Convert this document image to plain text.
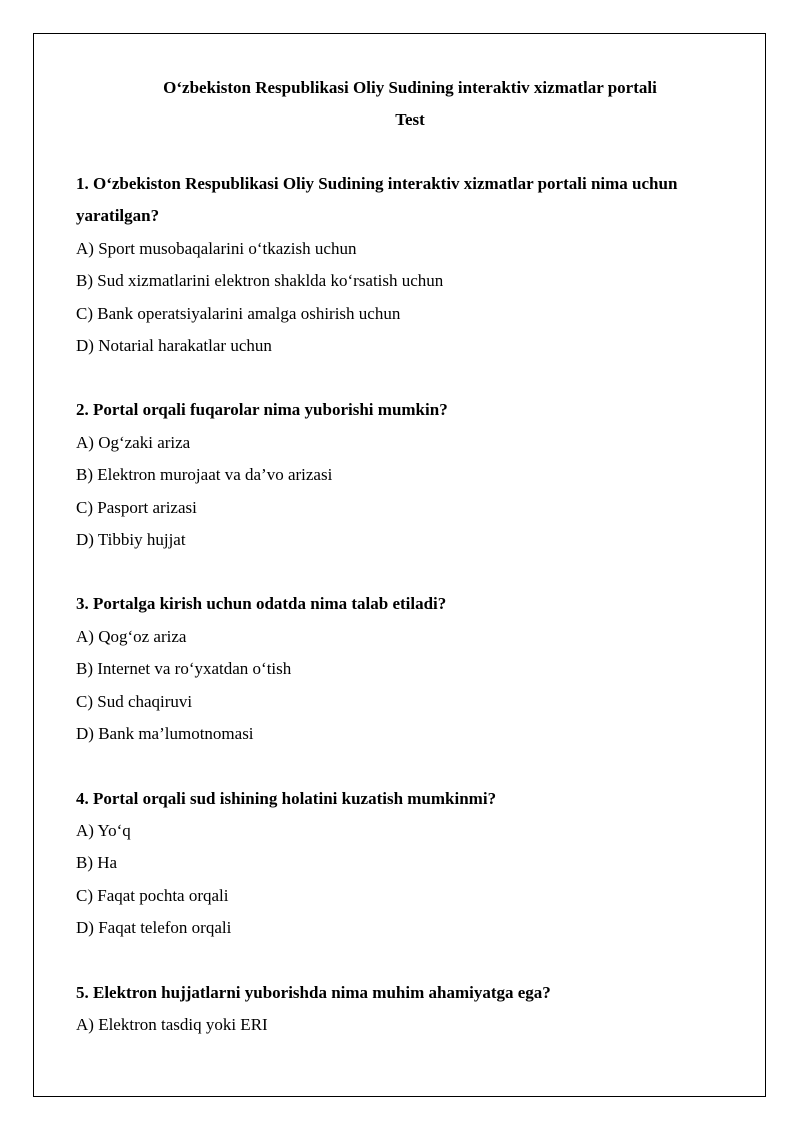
O‘zbekiston Respublikasi Oliy Sudining interaktiv xizmatlar portali

Test

1. O‘zbekiston Respublikasi Oliy Sudining interaktiv xizmatlar portali nima uchun yaratilgan?

A) Sport musobaqalarini o‘tkazish uchun

B) Sud xizmatlarini elektron shaklda ko‘rsatish uchun

C) Bank operatsiyalarini amalga oshirish uchun

D) Notarial harakatlar uchun

2. Portal orqali fuqarolar nima yuborishi mumkin?

A) Og‘zaki ariza

B) Elektron murojaat va da’vo arizasi

C) Pasport arizasi

D) Tibbiy hujjat

3. Portalga kirish uchun odatda nima talab etiladi?

A) Qog‘oz ariza

B) Internet va ro‘yxatdan o‘tish

C) Sud chaqiruvi

D) Bank ma’lumotnomasi

4. Portal orqali sud ishining holatini kuzatish mumkinmi?

A) Yo‘q

B) Ha

C) Faqat pochta orqali

D) Faqat telefon orqali

5. Elektron hujjatlarni yuborishda nima muhim ahamiyatga ega?

A) Elektron tasdiq yoki ERI
